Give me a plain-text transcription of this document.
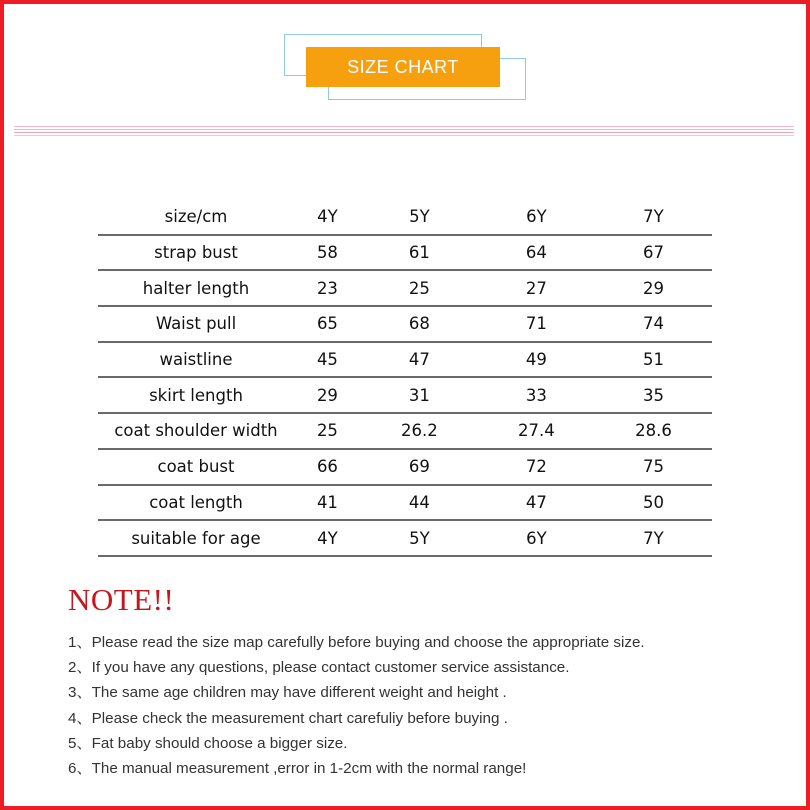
SIZE CHART
size/cm	4Y	5Y	6Y	7Y
strap bust	58	61	64	67
halter length	23	25	27	29
Waist pull	65	68	71	74
waistline	45	47	49	51
skirt length	29	31	33	35
coat shoulder width	25	26.2	27.4	28.6
coat bust	66	69	72	75
coat length	41	44	47	50
suitable for age	4Y	5Y	6Y	7Y
NOTE!!
1、Please read the size map carefully before buying and choose the appropriate size.
2、If you have any questions, please contact customer service assistance.
3、The same age children may have different weight and height .
4、Please check the measurement chart carefuliy before buying .
5、Fat baby should choose a bigger size.
6、The manual measurement ,error in 1-2cm with the normal range!
